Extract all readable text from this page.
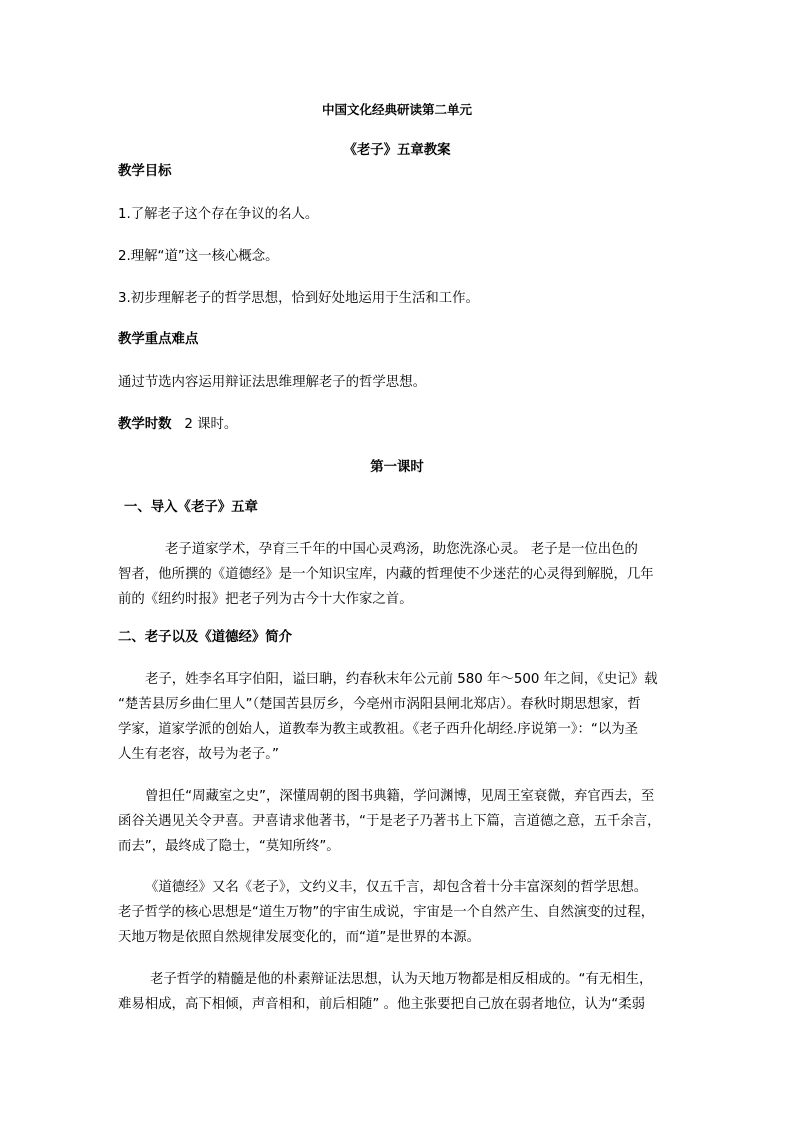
中国文化经典研读第二单元
《老子》五章教案
教学目标
1.了解老子这个存在争议的名人。
2.理解“道”这一核心概念。
3.初步理解老子的哲学思想，恰到好处地运用于生活和工作。
教学重点难点
通过节选内容运用辩证法思维理解老子的哲学思想。
教学时数 2 课时。
第一课时
一、导入《老子》五章
老子道家学术，孕育三千年的中国心灵鸡汤，助您洗涤心灵。 老子是一位出色的
智者，他所撰的《道德经》是一个知识宝库，内藏的哲理使不少迷茫的心灵得到解脱，几年
前的《纽约时报》把老子列为古今十大作家之首。
二、老子以及《道德经》简介
老子，姓李名耳字伯阳，谥曰聃，约春秋末年公元前 580 年～500 年之间，《史记》载
“楚苦县厉乡曲仁里人”（楚国苦县厉乡，今亳州市涡阳县闸北郑店）。春秋时期思想家，哲
学家，道家学派的创始人，道教奉为教主或教祖。《老子西升化胡经.序说第一》：“以为圣
人生有老容，故号为老子。”
曾担任“周藏室之史”，深懂周朝的图书典籍，学问渊博，见周王室衰微，弃官西去，至
函谷关遇见关令尹喜。尹喜请求他著书，“于是老子乃著书上下篇，言道德之意，五千余言，
而去”，最终成了隐士，“莫知所终”。
《道德经》又名《老子》，文约义丰，仅五千言，却包含着十分丰富深刻的哲学思想。
老子哲学的核心思想是“道生万物”的宇宙生成说，宇宙是一个自然产生、自然演变的过程，
天地万物是依照自然规律发展变化的，而“道”是世界的本源。
老子哲学的精髓是他的朴素辩证法思想，认为天地万物都是相反相成的。“有无相生，
难易相成，高下相倾，声音相和，前后相随” 。他主张要把自己放在弱者地位，认为“柔弱
